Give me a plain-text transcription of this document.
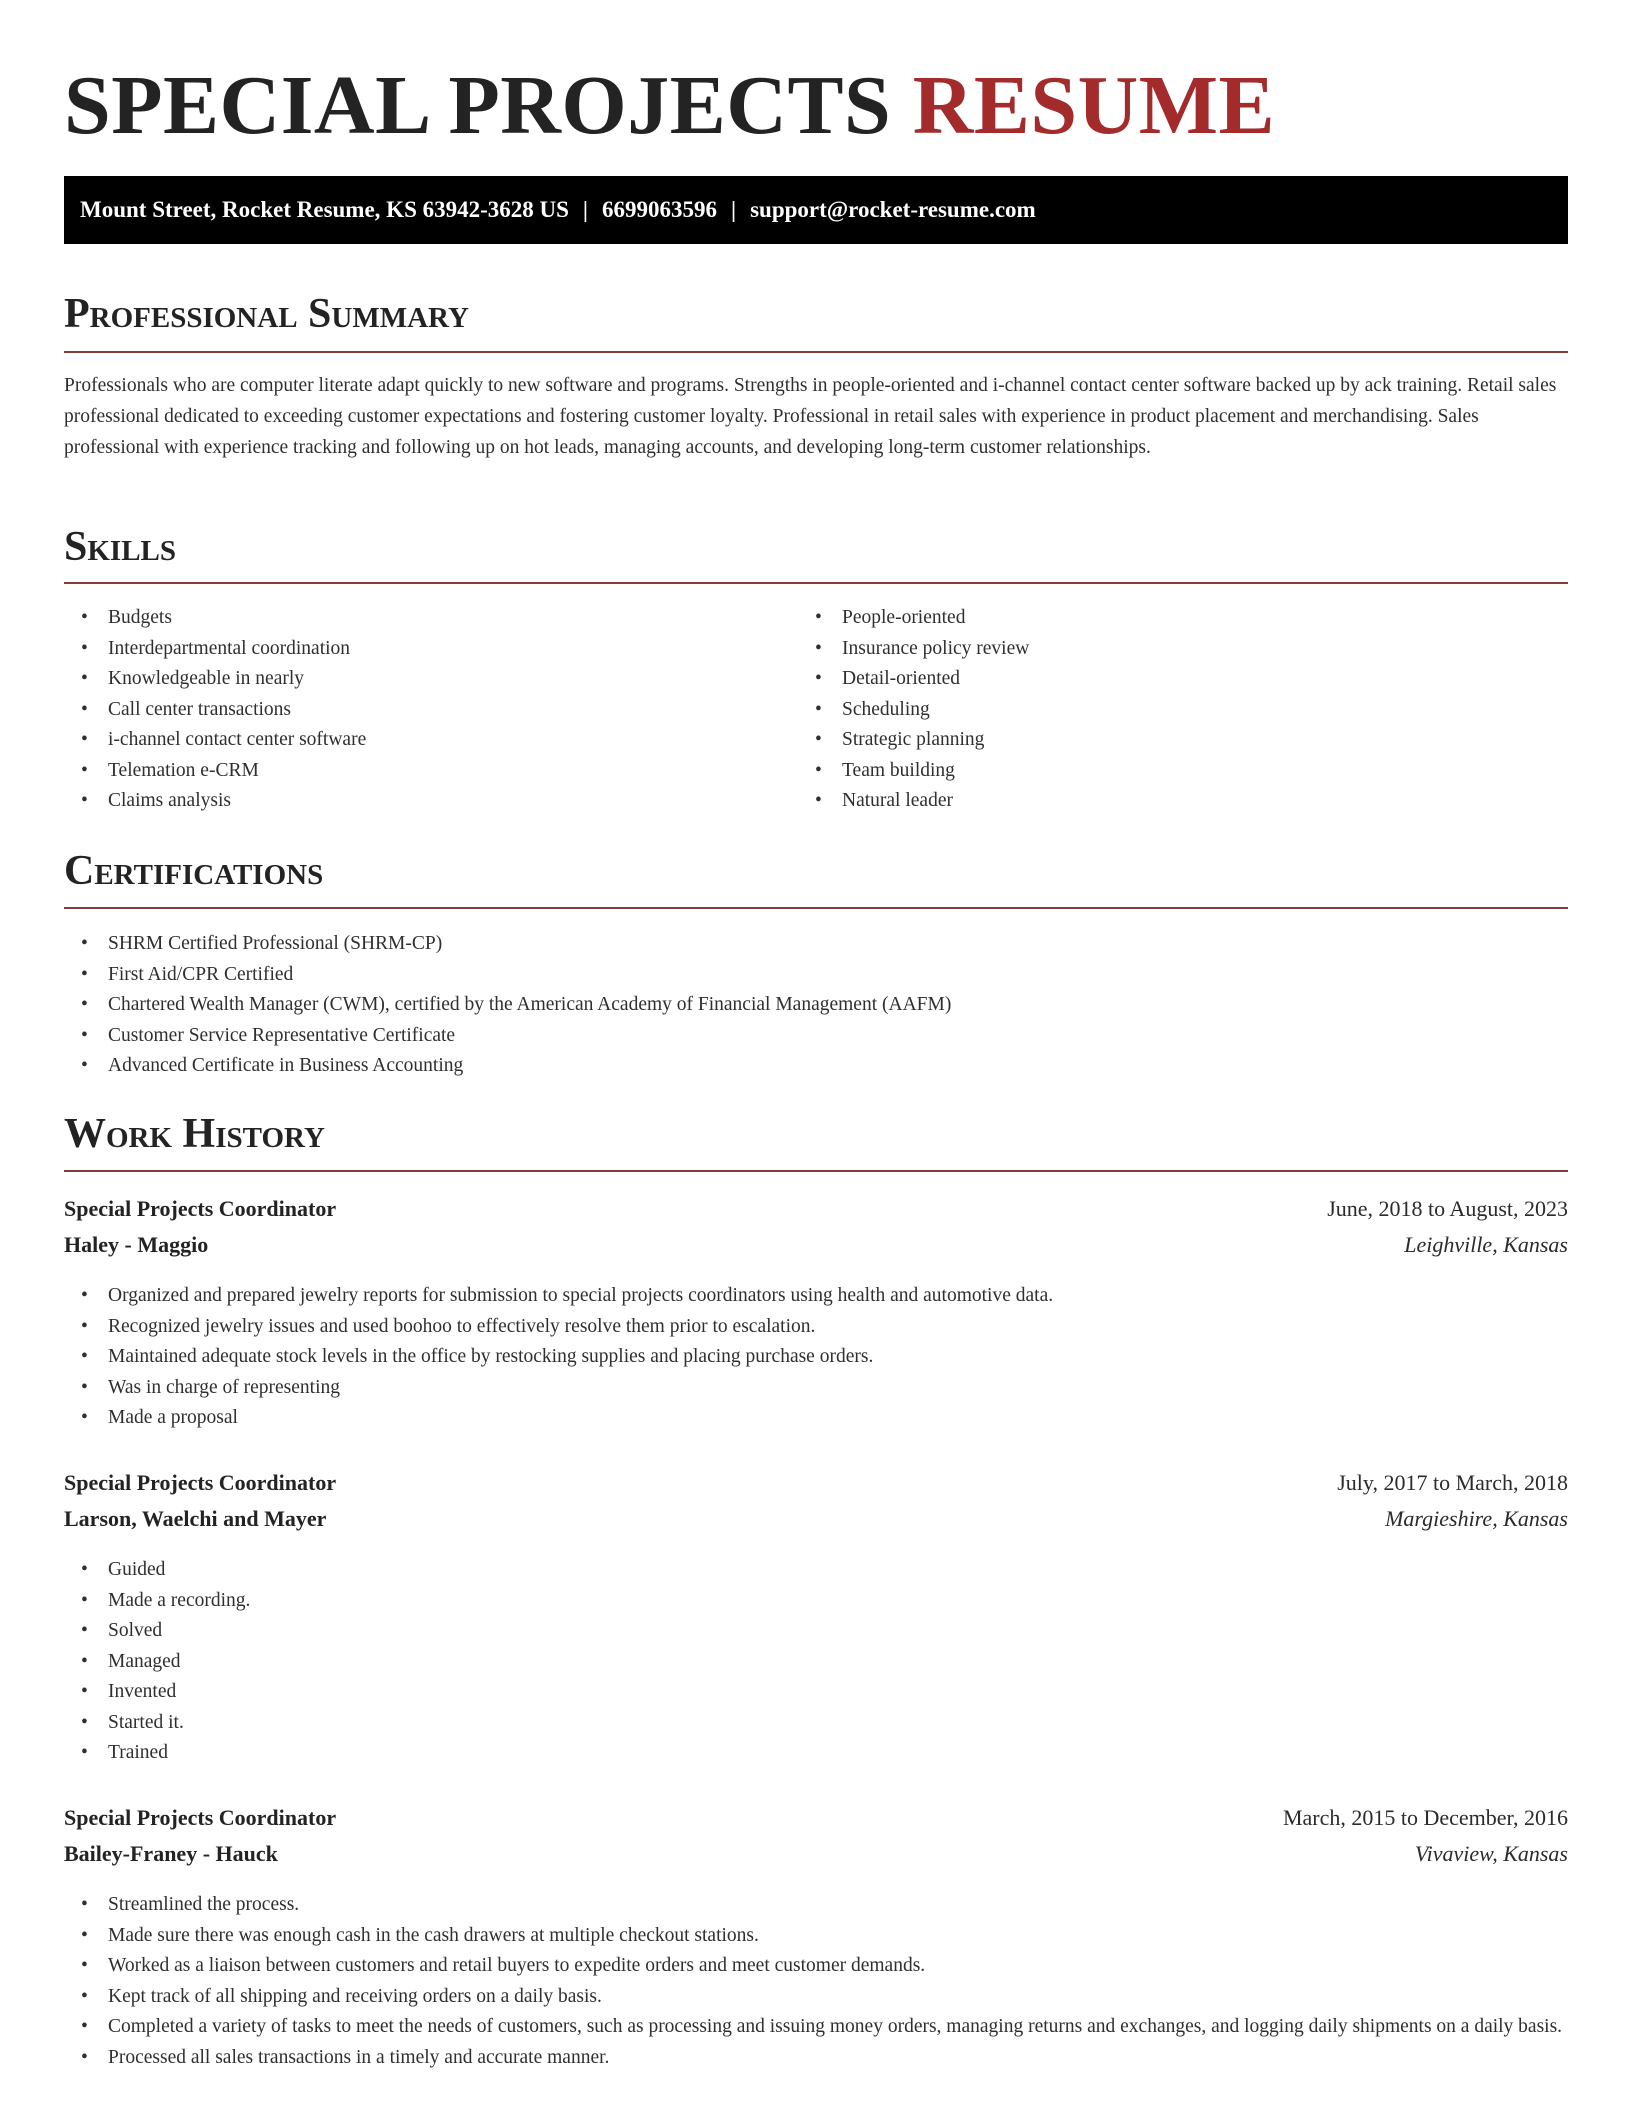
SPECIAL PROJECTS RESUME
Mount Street, Rocket Resume, KS 63942-3628 US | 6699063596 | support@rocket-resume.com
Professional Summary

Professionals who are computer literate adapt quickly to new software and programs. Strengths in people-oriented and i-channel contact center software backed up by ack training. Retail sales professional dedicated to exceeding customer expectations and fostering customer loyalty. Professional in retail sales with experience in product placement and merchandising. Sales professional with experience tracking and following up on hot leads, managing accounts, and developing long-term customer relationships.

Skills
• Budgets
• Interdepartmental coordination
• Knowledgeable in nearly
• Call center transactions
• i-channel contact center software
• Telemation e-CRM
• Claims analysis
• People-oriented
• Insurance policy review
• Detail-oriented
• Scheduling
• Strategic planning
• Team building
• Natural leader
Certifications
• SHRM Certified Professional (SHRM-CP)
• First Aid/CPR Certified
• Chartered Wealth Manager (CWM), certified by the American Academy of Financial Management (AAFM)
• Customer Service Representative Certificate
• Advanced Certificate in Business Accounting
Work History
Special Projects Coordinator	June, 2018 to August, 2023
Haley - Maggio	Leighville, Kansas
• Organized and prepared jewelry reports for submission to special projects coordinators using health and automotive data.
• Recognized jewelry issues and used boohoo to effectively resolve them prior to escalation.
• Maintained adequate stock levels in the office by restocking supplies and placing purchase orders.
• Was in charge of representing
• Made a proposal
Special Projects Coordinator	July, 2017 to March, 2018
Larson, Waelchi and Mayer	Margieshire, Kansas
• Guided
• Made a recording.
• Solved
• Managed
• Invented
• Started it.
• Trained
Special Projects Coordinator	March, 2015 to December, 2016
Bailey-Franey - Hauck	Vivaview, Kansas
• Streamlined the process.
• Made sure there was enough cash in the cash drawers at multiple checkout stations.
• Worked as a liaison between customers and retail buyers to expedite orders and meet customer demands.
• Kept track of all shipping and receiving orders on a daily basis.
• Completed a variety of tasks to meet the needs of customers, such as processing and issuing money orders, managing returns and exchanges, and logging daily shipments on a daily basis.
• Processed all sales transactions in a timely and accurate manner.
